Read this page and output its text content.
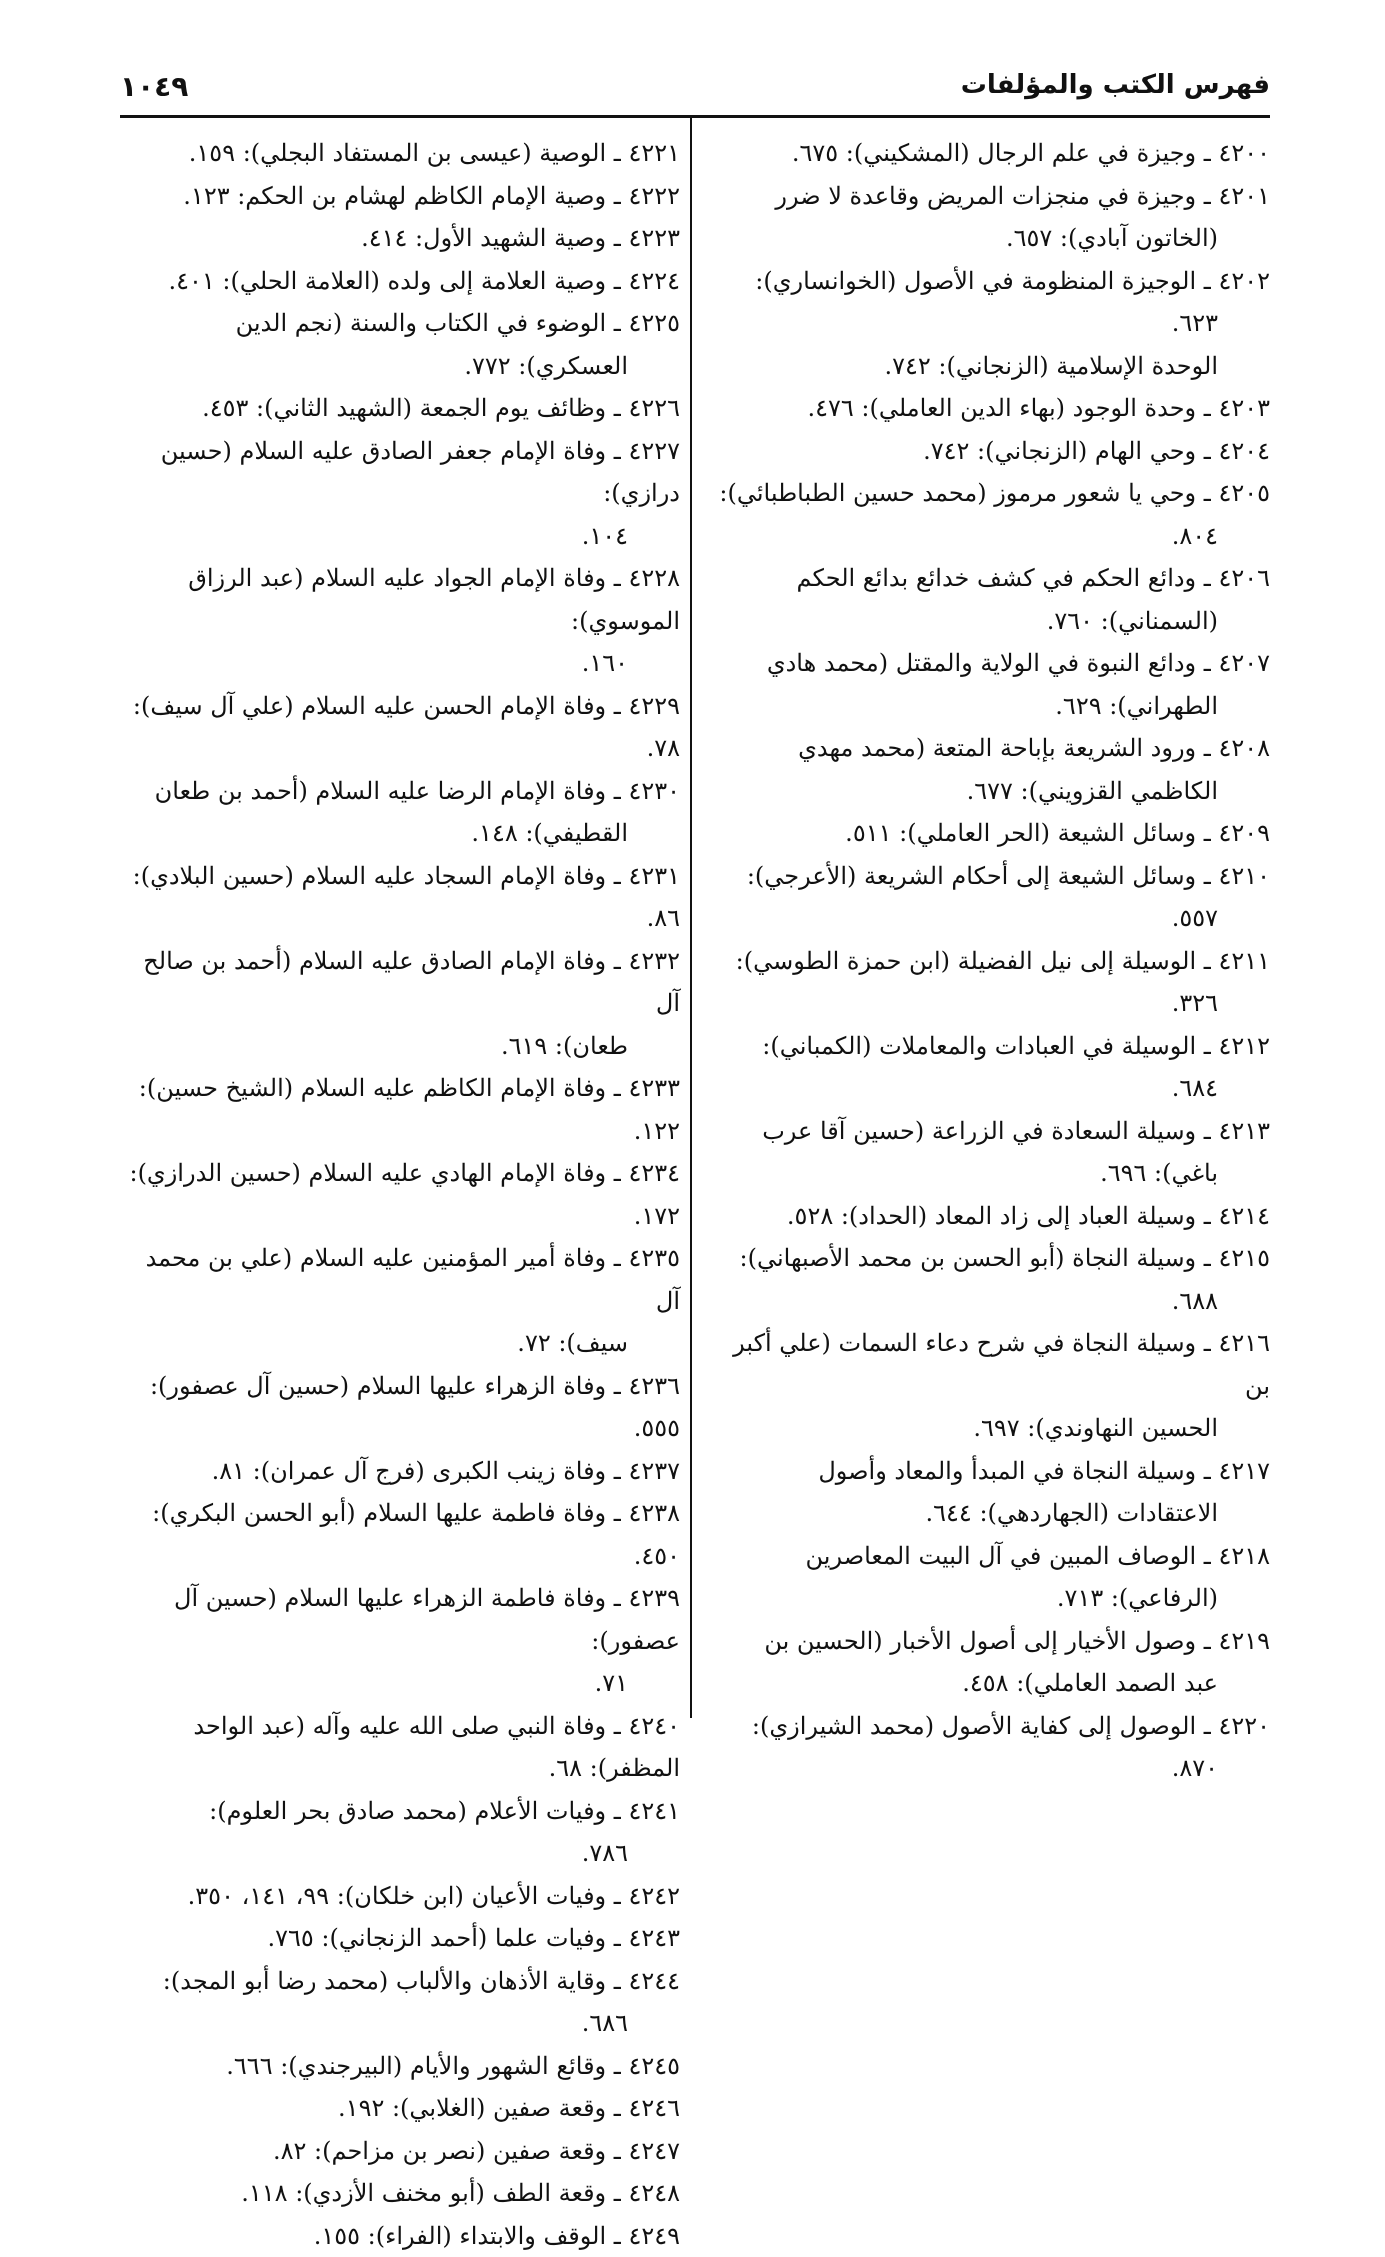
فهرس الكتب والمؤلفات
١٠٤٩
٤٢٠٠ ـ وجيزة في علم الرجال (المشكيني): ٦٧٥.
٤٢٠١ ـ وجيزة في منجزات المريض وقاعدة لا ضرر
(الخاتون آبادي): ٦٥٧.
٤٢٠٢ ـ الوجيزة المنظومة في الأصول (الخوانساري):
٦٢٣.
الوحدة الإسلامية (الزنجاني): ٧٤٢.
٤٢٠٣ ـ وحدة الوجود (بهاء الدين العاملي): ٤٧٦.
٤٢٠٤ ـ وحي الهام (الزنجاني): ٧٤٢.
٤٢٠٥ ـ وحي يا شعور مرموز (محمد حسين الطباطبائي):
٨٠٤.
٤٢٠٦ ـ ودائع الحكم في كشف خدائع بدائع الحكم
(السمناني): ٧٦٠.
٤٢٠٧ ـ ودائع النبوة في الولاية والمقتل (محمد هادي
الطهراني): ٦٢٩.
٤٢٠٨ ـ ورود الشريعة بإباحة المتعة (محمد مهدي
الكاظمي القزويني): ٦٧٧.
٤٢٠٩ ـ وسائل الشيعة (الحر العاملي): ٥١١.
٤٢١٠ ـ وسائل الشيعة إلى أحكام الشريعة (الأعرجي):
٥٥٧.
٤٢١١ ـ الوسيلة إلى نيل الفضيلة (ابن حمزة الطوسي):
٣٢٦.
٤٢١٢ ـ الوسيلة في العبادات والمعاملات (الكمباني):
٦٨٤.
٤٢١٣ ـ وسيلة السعادة في الزراعة (حسين آقا عرب
باغي): ٦٩٦.
٤٢١٤ ـ وسيلة العباد إلى زاد المعاد (الحداد): ٥٢٨.
٤٢١٥ ـ وسيلة النجاة (أبو الحسن بن محمد الأصبهاني):
٦٨٨.
٤٢١٦ ـ وسيلة النجاة في شرح دعاء السمات (علي أكبر بن
الحسين النهاوندي): ٦٩٧.
٤٢١٧ ـ وسيلة النجاة في المبدأ والمعاد وأصول
الاعتقادات (الجهاردهي): ٦٤٤.
٤٢١٨ ـ الوصاف المبين في آل البيت المعاصرين
(الرفاعي): ٧١٣.
٤٢١٩ ـ وصول الأخيار إلى أصول الأخبار (الحسين بن
عبد الصمد العاملي): ٤٥٨.
٤٢٢٠ ـ الوصول إلى كفاية الأصول (محمد الشيرازي):
٨٧٠.
٤٢٢١ ـ الوصية (عيسى بن المستفاد البجلي): ١٥٩.
٤٢٢٢ ـ وصية الإمام الكاظم لهشام بن الحكم: ١٢٣.
٤٢٢٣ ـ وصية الشهيد الأول: ٤١٤.
٤٢٢٤ ـ وصية العلامة إلى ولده (العلامة الحلي): ٤٠١.
٤٢٢٥ ـ الوضوء في الكتاب والسنة (نجم الدين
العسكري): ٧٧٢.
٤٢٢٦ ـ وظائف يوم الجمعة (الشهيد الثاني): ٤٥٣.
٤٢٢٧ ـ وفاة الإمام جعفر الصادق عليه السلام (حسين درازي):
١٠٤.
٤٢٢٨ ـ وفاة الإمام الجواد عليه السلام (عبد الرزاق الموسوي):
١٦٠.
٤٢٢٩ ـ وفاة الإمام الحسن عليه السلام (علي آل سيف): ٧٨.
٤٢٣٠ ـ وفاة الإمام الرضا عليه السلام (أحمد بن طعان
القطيفي): ١٤٨.
٤٢٣١ ـ وفاة الإمام السجاد عليه السلام (حسين البلادي): ٨٦.
٤٢٣٢ ـ وفاة الإمام الصادق عليه السلام (أحمد بن صالح آل
طعان): ٦١٩.
٤٢٣٣ ـ وفاة الإمام الكاظم عليه السلام (الشيخ حسين): ١٢٢.
٤٢٣٤ ـ وفاة الإمام الهادي عليه السلام (حسين الدرازي): ١٧٢.
٤٢٣٥ ـ وفاة أمير المؤمنين عليه السلام (علي بن محمد آل
سيف): ٧٢.
٤٢٣٦ ـ وفاة الزهراء عليها السلام (حسين آل عصفور): ٥٥٥.
٤٢٣٧ ـ وفاة زينب الكبرى (فرج آل عمران): ٨١.
٤٢٣٨ ـ وفاة فاطمة عليها السلام (أبو الحسن البكري): ٤٥٠.
٤٢٣٩ ـ وفاة فاطمة الزهراء عليها السلام (حسين آل عصفور):
٧١.
٤٢٤٠ ـ وفاة النبي صلى الله عليه وآله (عبد الواحد المظفر): ٦٨.
٤٢٤١ ـ وفيات الأعلام (محمد صادق بحر العلوم):
٧٨٦.
٤٢٤٢ ـ وفيات الأعيان (ابن خلكان): ٩٩، ١٤١، ٣٥٠.
٤٢٤٣ ـ وفيات علما (أحمد الزنجاني): ٧٦٥.
٤٢٤٤ ـ وقاية الأذهان والألباب (محمد رضا أبو المجد):
٦٨٦.
٤٢٤٥ ـ وقائع الشهور والأيام (البيرجندي): ٦٦٦.
٤٢٤٦ ـ وقعة صفين (الغلابي): ١٩٢.
٤٢٤٧ ـ وقعة صفين (نصر بن مزاحم): ٨٢.
٤٢٤٨ ـ وقعة الطف (أبو مخنف الأزدي): ١١٨.
٤٢٤٩ ـ الوقف والابتداء (الفراء): ١٥٥.
